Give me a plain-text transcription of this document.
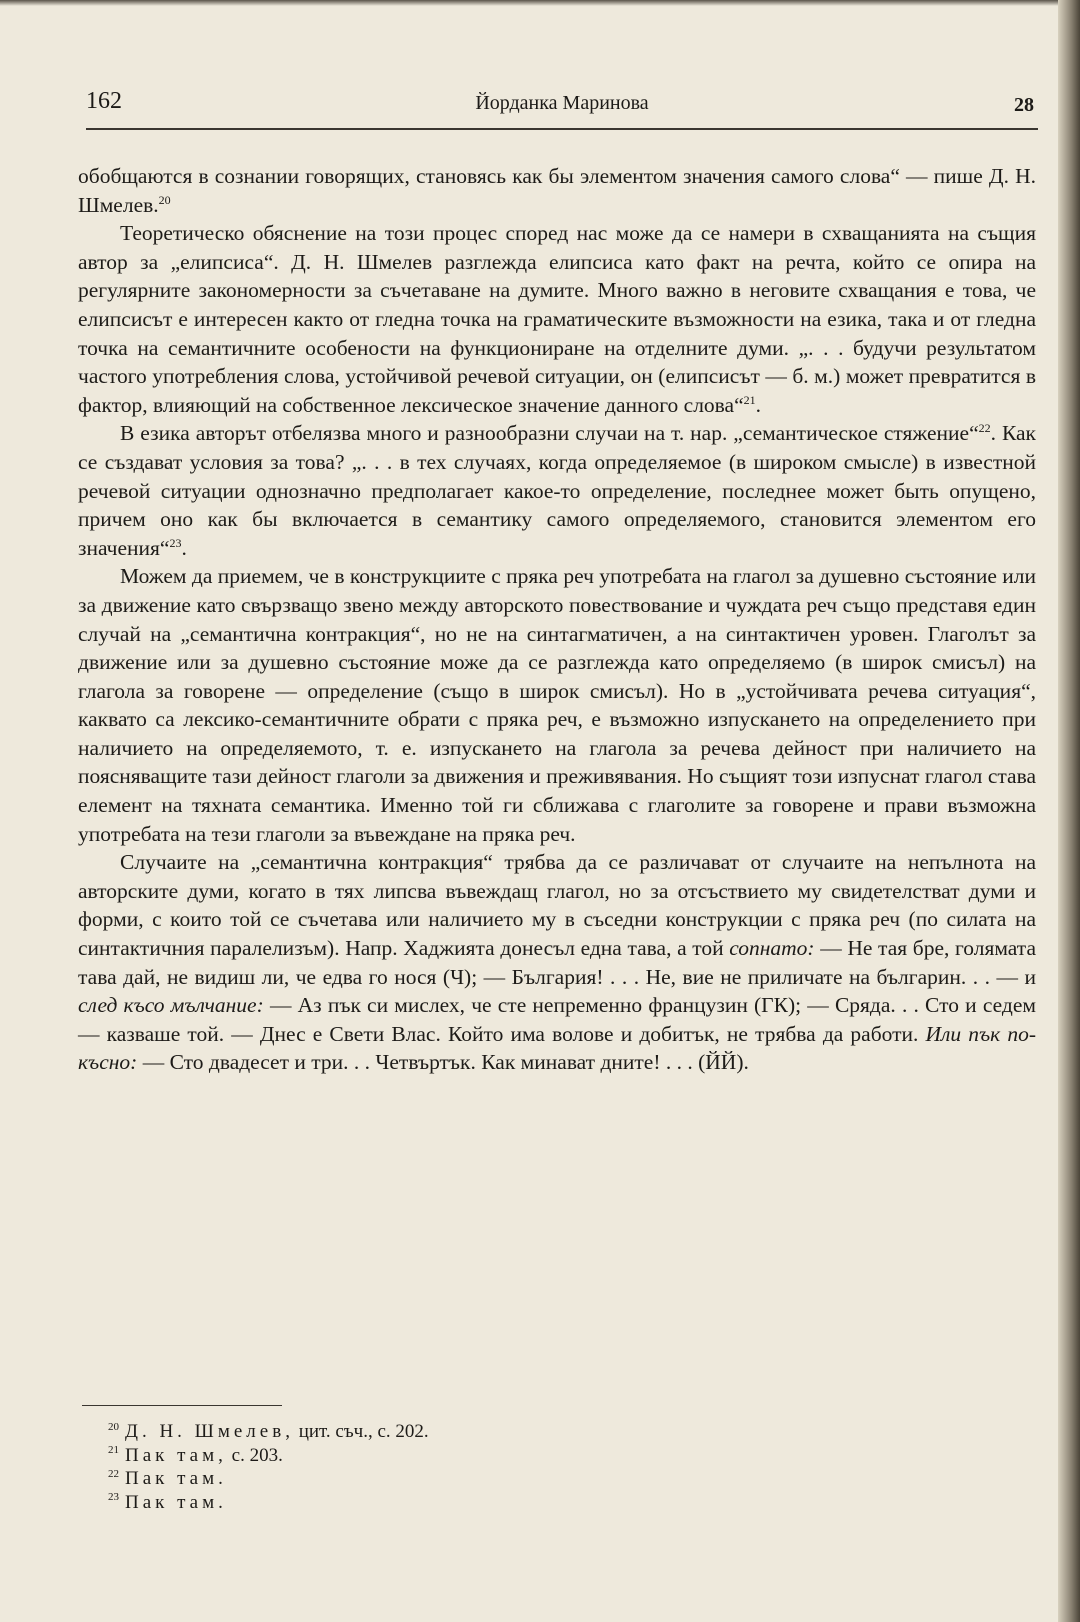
162	Йорданка Маринова	28

обобщаются в сознании говорящих, становясь как бы элементом значения самого слова“ — пише Д. Н. Шмелев.$^{20}$

Теоретическо обяснение на този процес според нас може да се намери в схващанията на същия автор за „елипсиса“. Д. Н. Шмелев разглежда елипсиса като факт на речта, който се опира на регулярните закономерности за съчетаване на думите. Много важно в неговите схващания е това, че елипсисът е интересен както от гледна точка на граматическите възможности на езика, така и от гледна точка на семантичните особености на функциониране на отделните думи. „. . . будучи результатом частого употребления слова, устойчивой речевой ситуации, он (елипсисът — б. м.) может превратится в фактор, влияющий на собственное лексическое значение данного слова“$^{21}$.

В езика авторът отбелязва много и разнообразни случаи на т. нар. „семантическое стяжение“$^{22}$. Как се създават условия за това? „. . . в тех случаях, когда определяемое (в широком смысле) в известной речевой ситуации однозначно предполагает какое-то определение, последнее может быть опущено, причем оно как бы включается в семантику самого определяемого, становится элементом его значения“$^{23}$.

Можем да приемем, че в конструкциите с пряка реч употребата на глагол за душевно състояние или за движение като свързващо звено между авторското повествование и чуждата реч също представя един случай на „семантична контракция“, но не на синтагматичен, а на синтактичен уровен. Глаголът за движение или за душевно състояние може да се разглежда като определяемо (в широк смисъл) на глагола за говорене — определение (също в широк смисъл). Но в „устойчивата речева ситуация“, каквато са лексико-семантичните обрати с пряка реч, е възможно изпускането на определението при наличието на определяемото, т. е. изпускането на глагола за речева дейност при наличието на поясняващите тази дейност глаголи за движения и преживявания. Но същият този изпуснат глагол става елемент на тяхната семантика. Именно той ги сближава с глаголите за говорене и прави възможна употребата на тези глаголи за въвеждане на пряка реч.

Случаите на „семантична контракция“ трябва да се различават от случаите на непълнота на авторските думи, когато в тях липсва въвеждащ глагол, но за отсъствието му свидетелстват думи и форми, с които той се съчетава или наличието му в съседни конструкции с пряка реч (по силата на синтактичния паралелизъм). Напр. Хаджията донесъл една тава, а той сопнато: — Не тая бре, голямата тава дай, не видиш ли, че едва го нося (Ч); — България! . . . Не, вие не приличате на българин. . . — и след късо мълчание: — Аз пък си мислех, че сте непременно французин (ГК); — Сряда. . . Сто и седем — казваше той. — Днес е Свети Влас. Който има волове и добитък, не трябва да работи. Или пък по-късно: — Сто двадесет и три. . . Четвъртък. Как минават дните! . . . (ЙЙ).

$^{20}$ Д. Н. Шмелев, цит. съч., с. 202.
$^{21}$ Пак там, с. 203.
$^{22}$ Пак там.
$^{23}$ Пак там.
